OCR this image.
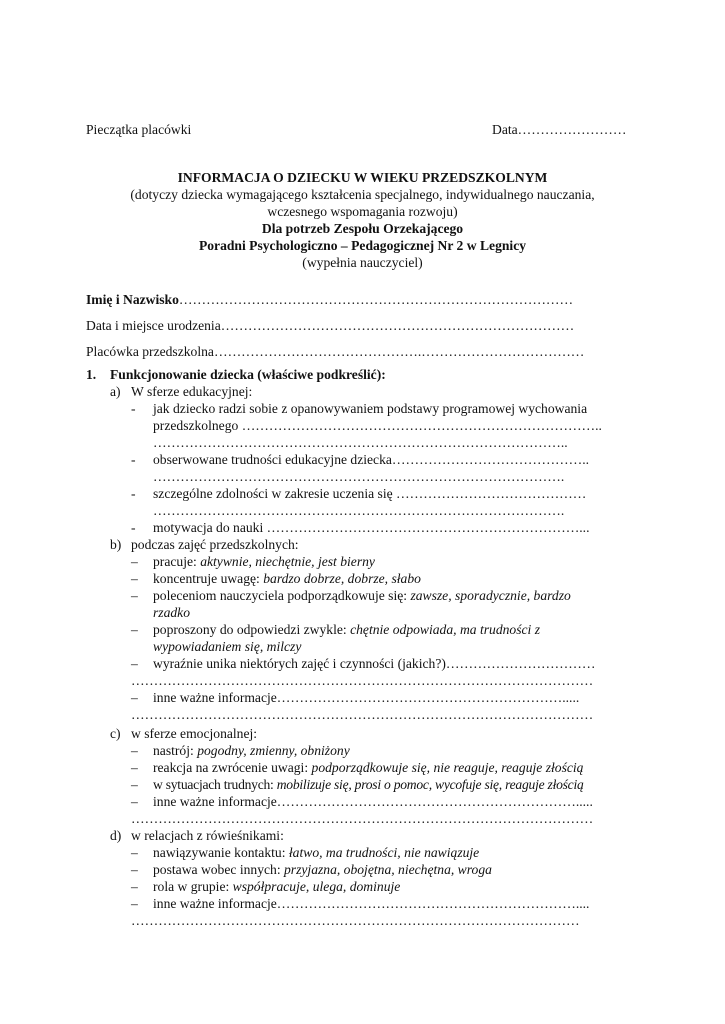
Pieczątka placówki	Data……………………
INFORMACJA O DZIECKU W WIEKU PRZEDSZKOLNYM
(dotyczy dziecka wymagającego kształcenia specjalnego, indywidualnego nauczania,
wczesnego wspomagania rozwoju)
Dla potrzeb Zespołu Orzekającego
Poradni Psychologiczno – Pedagogicznej Nr 2 w Legnicy
(wypełnia nauczyciel)
Imię i Nazwisko……………………………………………………………………………
Data i miejsce urodzenia……………………………………………………………………
Placówka przedszkolna……………………………………….………………………………
1. Funkcjonowanie dziecka (właściwe podkreślić):
a) W sferze edukacyjnej:
- jak dziecko radzi sobie z opanowywaniem podstawy programowej wychowania
przedszkolnego ……………………………………………………………………..
………………………………………………………………………………..
- obserwowane trudności edukacyjne dziecka……………………………………..
……………………………………………………………………………….
- szczególne zdolności w zakresie uczenia się ……………………………………
……………………………………………………………………………….
- motywacja do nauki ……………………………………………………………...
b) podczas zajęć przedszkolnych:
– pracuje: aktywnie, niechętnie, jest bierny
– koncentruje uwagę: bardzo dobrze, dobrze, słabo
– poleceniom nauczyciela podporządkowuje się: zawsze, sporadycznie, bardzo
rzadko
– poproszony do odpowiedzi zwykle: chętnie odpowiada, ma trudności z
wypowiadaniem się, milczy
– wyraźnie unika niektórych zajęć i czynności (jakich?)……………………………
…………………………………………………………………………………………
– inne ważne informacje……………………………………………………….....
…………………………………………………………………………………………
c) w sferze emocjonalnej:
– nastrój: pogodny, zmienny, obniżony
– reakcja na zwrócenie uwagi: podporządkowuje się, nie reaguje, reaguje złością
– w sytuacjach trudnych: mobilizuje się, prosi o pomoc, wycofuje się, reaguje złością
– inne ważne informacje………………………………………………………….....
…………………………………………………………………………………………
d) w relacjach z rówieśnikami:
– nawiązywanie kontaktu: łatwo, ma trudności, nie nawiązuje
– postawa wobec innych: przyjazna, obojętna, niechętna, wroga
– rola w grupie: współpracuje, ulega, dominuje
– inne ważne informacje…………………………………………………………....
………………………………………………………………………………………
